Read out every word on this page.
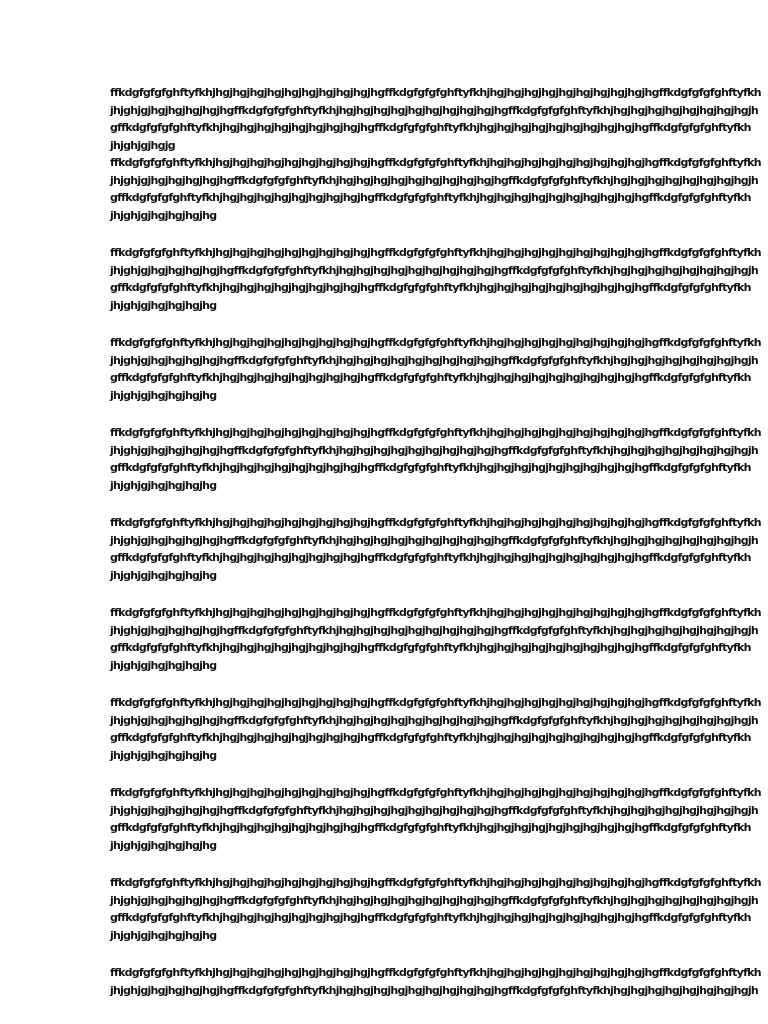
ffkdgfgfgfghftyfkhjhgjhgjhgjhgjhgjhgjhgjhgjhgjhgffkdgfgfgfghftyfkhjhgjhgjhgjhgjhgjhgjhgjhgjhgjhgffkdgfgfgfghftyfkh
jhjghjgjhgjhgjhgjhgjhgffkdgfgfgfghftyfkhjhgjhgjhgjhgjhgjhgjhgjhgjhgjhgffkdgfgfgfghftyfkhjhgjhgjhgjhgjhgjhgjhgjhgjh
gffkdgfgfgfghftyfkhjhgjhgjhgjhgjhgjhgjhgjhgjhgffkdgfgfgfghftyfkhjhgjhgjhgjhgjhgjhgjhgjhgjhgjhgffkdgfgfgfghftyfkh
jhjghjgjhgjg
ffkdgfgfgfghftyfkhjhgjhgjhgjhgjhgjhgjhgjhgjhgjhgffkdgfgfgfghftyfkhjhgjhgjhgjhgjhgjhgjhgjhgjhgjhgffkdgfgfgfghftyfkh
jhjghjgjhgjhgjhgjhgjhgffkdgfgfgfghftyfkhjhgjhgjhgjhgjhgjhgjhgjhgjhgjhgffkdgfgfgfghftyfkhjhgjhgjhgjhgjhgjhgjhgjhgjh
gffkdgfgfgfghftyfkhjhgjhgjhgjhgjhgjhgjhgjhgjhgffkdgfgfgfghftyfkhjhgjhgjhgjhgjhgjhgjhgjhgjhgjhgffkdgfgfgfghftyfkh
jhjghjgjhgjhgjhgjhg
ffkdgfgfgfghftyfkhjhgjhgjhgjhgjhgjhgjhgjhgjhgjhgffkdgfgfgfghftyfkhjhgjhgjhgjhgjhgjhgjhgjhgjhgjhgffkdgfgfgfghftyfkh
jhjghjgjhgjhgjhgjhgjhgffkdgfgfgfghftyfkhjhgjhgjhgjhgjhgjhgjhgjhgjhgjhgffkdgfgfgfghftyfkhjhgjhgjhgjhgjhgjhgjhgjhgjh
gffkdgfgfgfghftyfkhjhgjhgjhgjhgjhgjhgjhgjhgjhgffkdgfgfgfghftyfkhjhgjhgjhgjhgjhgjhgjhgjhgjhgjhgffkdgfgfgfghftyfkh
jhjghjgjhgjhgjhgjhg
ffkdgfgfgfghftyfkhjhgjhgjhgjhgjhgjhgjhgjhgjhgjhgffkdgfgfgfghftyfkhjhgjhgjhgjhgjhgjhgjhgjhgjhgjhgffkdgfgfgfghftyfkh
jhjghjgjhgjhgjhgjhgjhgffkdgfgfgfghftyfkhjhgjhgjhgjhgjhgjhgjhgjhgjhgjhgffkdgfgfgfghftyfkhjhgjhgjhgjhgjhgjhgjhgjhgjh
gffkdgfgfgfghftyfkhjhgjhgjhgjhgjhgjhgjhgjhgjhgffkdgfgfgfghftyfkhjhgjhgjhgjhgjhgjhgjhgjhgjhgjhgffkdgfgfgfghftyfkh
jhjghjgjhgjhgjhgjhg
ffkdgfgfgfghftyfkhjhgjhgjhgjhgjhgjhgjhgjhgjhgjhgffkdgfgfgfghftyfkhjhgjhgjhgjhgjhgjhgjhgjhgjhgjhgffkdgfgfgfghftyfkh
jhjghjgjhgjhgjhgjhgjhgffkdgfgfgfghftyfkhjhgjhgjhgjhgjhgjhgjhgjhgjhgjhgffkdgfgfgfghftyfkhjhgjhgjhgjhgjhgjhgjhgjhgjh
gffkdgfgfgfghftyfkhjhgjhgjhgjhgjhgjhgjhgjhgjhgffkdgfgfgfghftyfkhjhgjhgjhgjhgjhgjhgjhgjhgjhgjhgffkdgfgfgfghftyfkh
jhjghjgjhgjhgjhgjhg
ffkdgfgfgfghftyfkhjhgjhgjhgjhgjhgjhgjhgjhgjhgjhgffkdgfgfgfghftyfkhjhgjhgjhgjhgjhgjhgjhgjhgjhgjhgffkdgfgfgfghftyfkh
jhjghjgjhgjhgjhgjhgjhgffkdgfgfgfghftyfkhjhgjhgjhgjhgjhgjhgjhgjhgjhgjhgffkdgfgfgfghftyfkhjhgjhgjhgjhgjhgjhgjhgjhgjh
gffkdgfgfgfghftyfkhjhgjhgjhgjhgjhgjhgjhgjhgjhgffkdgfgfgfghftyfkhjhgjhgjhgjhgjhgjhgjhgjhgjhgjhgffkdgfgfgfghftyfkh
jhjghjgjhgjhgjhgjhg
ffkdgfgfgfghftyfkhjhgjhgjhgjhgjhgjhgjhgjhgjhgjhgffkdgfgfgfghftyfkhjhgjhgjhgjhgjhgjhgjhgjhgjhgjhgffkdgfgfgfghftyfkh
jhjghjgjhgjhgjhgjhgjhgffkdgfgfgfghftyfkhjhgjhgjhgjhgjhgjhgjhgjhgjhgjhgffkdgfgfgfghftyfkhjhgjhgjhgjhgjhgjhgjhgjhgjh
gffkdgfgfgfghftyfkhjhgjhgjhgjhgjhgjhgjhgjhgjhgffkdgfgfgfghftyfkhjhgjhgjhgjhgjhgjhgjhgjhgjhgjhgffkdgfgfgfghftyfkh
jhjghjgjhgjhgjhgjhg
ffkdgfgfgfghftyfkhjhgjhgjhgjhgjhgjhgjhgjhgjhgjhgffkdgfgfgfghftyfkhjhgjhgjhgjhgjhgjhgjhgjhgjhgjhgffkdgfgfgfghftyfkh
jhjghjgjhgjhgjhgjhgjhgffkdgfgfgfghftyfkhjhgjhgjhgjhgjhgjhgjhgjhgjhgjhgffkdgfgfgfghftyfkhjhgjhgjhgjhgjhgjhgjhgjhgjh
gffkdgfgfgfghftyfkhjhgjhgjhgjhgjhgjhgjhgjhgjhgffkdgfgfgfghftyfkhjhgjhgjhgjhgjhgjhgjhgjhgjhgjhgffkdgfgfgfghftyfkh
jhjghjgjhgjhgjhgjhg
ffkdgfgfgfghftyfkhjhgjhgjhgjhgjhgjhgjhgjhgjhgjhgffkdgfgfgfghftyfkhjhgjhgjhgjhgjhgjhgjhgjhgjhgjhgffkdgfgfgfghftyfkh
jhjghjgjhgjhgjhgjhgjhgffkdgfgfgfghftyfkhjhgjhgjhgjhgjhgjhgjhgjhgjhgjhgffkdgfgfgfghftyfkhjhgjhgjhgjhgjhgjhgjhgjhgjh
gffkdgfgfgfghftyfkhjhgjhgjhgjhgjhgjhgjhgjhgjhgffkdgfgfgfghftyfkhjhgjhgjhgjhgjhgjhgjhgjhgjhgjhgffkdgfgfgfghftyfkh
jhjghjgjhgjhgjhgjhg
ffkdgfgfgfghftyfkhjhgjhgjhgjhgjhgjhgjhgjhgjhgjhgffkdgfgfgfghftyfkhjhgjhgjhgjhgjhgjhgjhgjhgjhgjhgffkdgfgfgfghftyfkh
jhjghjgjhgjhgjhgjhgjhgffkdgfgfgfghftyfkhjhgjhgjhgjhgjhgjhgjhgjhgjhgjhgffkdgfgfgfghftyfkhjhgjhgjhgjhgjhgjhgjhgjhgjh
gffkdgfgfgfghftyfkhjhgjhgjhgjhgjhgjhgjhgjhgjhgffkdgfgfgfghftyfkhjhgjhgjhgjhgjhgjhgjhgjhgjhgjhgffkdgfgfgfghftyfkh
jhjghjgjhgjhgjhgjhg
ffkdgfgfgfghftyfkhjhgjhgjhgjhgjhgjhgjhgjhgjhgjhgffkdgfgfgfghftyfkhjhgjhgjhgjhgjhgjhgjhgjhgjhgjhgffkdgfgfgfghftyfkh
jhjghjgjhgjhgjhgjhgjhgffkdgfgfgfghftyfkhjhgjhgjhgjhgjhgjhgjhgjhgjhgjhgffkdgfgfgfghftyfkhjhgjhgjhgjhgjhgjhgjhgjhgjh
